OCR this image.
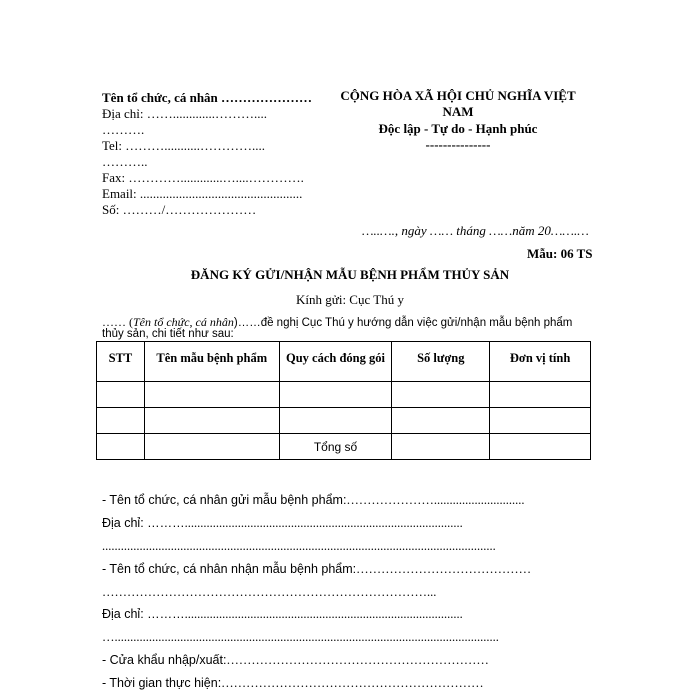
Tên tổ chức, cá nhân …………………
Địa chỉ: …….............………....
……….
Tel: ………...........…………....
………..
Fax: ………….............…....………….
Email: ..................................................
Số: ………/…………………
CỘNG HÒA XÃ HỘI CHỦ NGHĨA VIỆT
NAM
Độc lập - Tự do - Hạnh phúc
---------------
…..…., ngày …… tháng ……năm 20…….…
Mẫu: 06 TS
ĐĂNG KÝ GỬI/NHẬN MẪU BỆNH PHẨM THỦY SẢN
Kính gửi: Cục Thú y
…… (Tên tổ chức, cá nhân)……đề nghị Cục Thú y hướng dẫn việc gửi/nhận mẫu bệnh phẩm
thủy sản, chi tiết như sau:
STT	Tên mẫu bệnh phẩm	Quy cách đóng gói	Số lượng	Đơn vị tính

		Tổng số		
- Tên tổ chức, cá nhân gửi mẫu bệnh phẩm:………………….............................
Địa chỉ: ……….........................................................................................
..............................................................................................................................
- Tên tổ chức, cá nhân nhận mẫu bệnh phẩm:……………………………………
……………………………………………………………………...
Địa chỉ: ……….........................................................................................
…...........................................................................................................................
- Cửa khẩu nhập/xuất:………………………………………………………
- Thời gian thực hiện:………………………………………………………
